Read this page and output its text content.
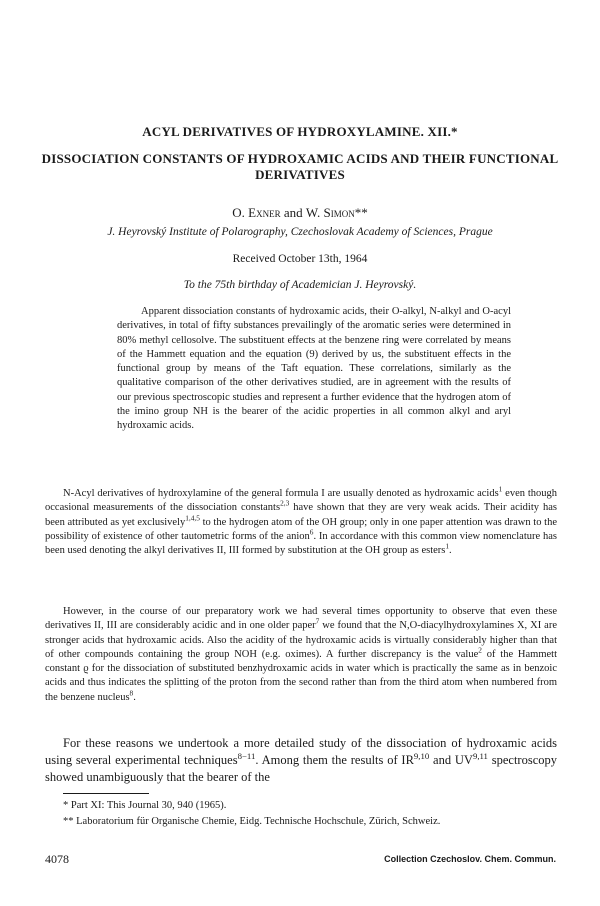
ACYL DERIVATIVES OF HYDROXYLAMINE. XII.*
DISSOCIATION CONSTANTS OF HYDROXAMIC ACIDS AND THEIR FUNCTIONAL DERIVATIVES
O. Exner and W. Simon**
J. Heyrovský Institute of Polarography, Czechoslovak Academy of Sciences, Prague
Received October 13th, 1964
To the 75th birthday of Academician J. Heyrovský.
Apparent dissociation constants of hydroxamic acids, their O-alkyl, N-alkyl and O-acyl derivatives, in total of fifty substances prevailingly of the aromatic series were determined in 80% methyl cellosolve. The substituent effects at the benzene ring were correlated by means of the Hammett equation and the equation (9) derived by us, the substituent effects in the functional group by means of the Taft equation. These correlations, similarly as the qualitative comparison of the other derivatives studied, are in agreement with the results of our previous spectroscopic studies and represent a further evidence that the hydrogen atom of the imino group NH is the bearer of the acidic properties in all common alkyl and aryl hydroxamic acids.
N-Acyl derivatives of hydroxylamine of the general formula I are usually denoted as hydroxamic acids$^1$ even though occasional measurements of the dissociation constants$^{2,3}$ have shown that they are very weak acids. Their acidity has been attributed as yet exclusively$^{1,4,5}$ to the hydrogen atom of the OH group; only in one paper attention was drawn to the possibility of existence of other tautometric forms of the anion$^6$. In accordance with this common view nomenclature has been used denoting the alkyl derivatives II, III formed by substitution at the OH group as esters$^1$.
However, in the course of our preparatory work we had several times opportunity to observe that even these derivatives II, III are considerably acidic and in one older paper$^7$ we found that the N,O-diacylhydroxylamines X, XI are stronger acids that hydroxamic acids. Also the acidity of the hydroxamic acids is virtually considerably higher than that of other compounds containing the group NOH (e.g. oximes). A further discrepancy is the value$^2$ of the Hammett constant ϱ for the dissociation of substituted benzhydroxamic acids in water which is practically the same as in benzoic acids and thus indicates the splitting of the proton from the second rather than from the third atom when numbered from the benzene nucleus$^8$.
For these reasons we undertook a more detailed study of the dissociation of hydroxamic acids using several experimental techniques$^{8-11}$. Among them the results of IR$^{9,10}$ and UV$^{9,11}$ spectroscopy showed unambiguously that the bearer of the
* Part XI: This Journal 30, 940 (1965).
** Laboratorium für Organische Chemie, Eidg. Technische Hochschule, Zürich, Schweiz.
4078	Collection Czechoslov. Chem. Commun.
